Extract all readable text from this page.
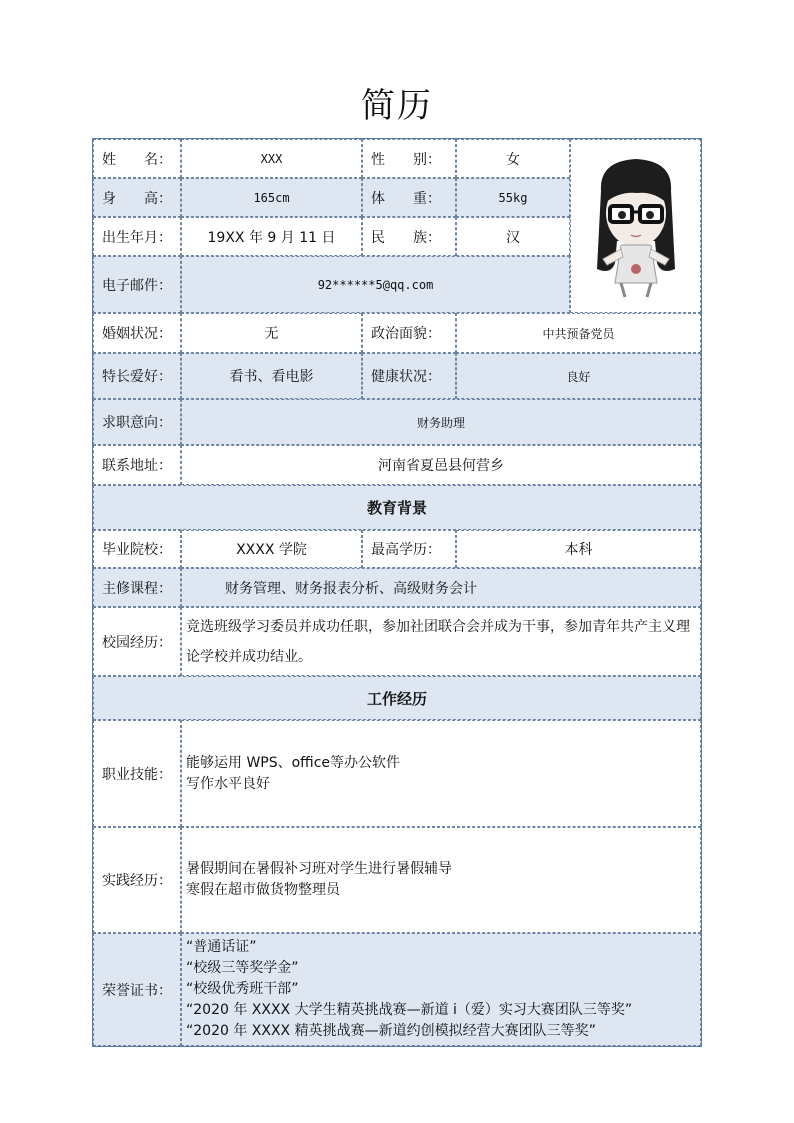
简历
姓　　名：	XXX	性　　别：	女
身　　高：	165cm	体　　重：	55kg
出生年月：	19XX 年 9 月 11 日	民　　族：	汉
电子邮件：	92******5@qq.com
婚姻状况：	无	政治面貌：	中共预备党员
特长爱好：	看书、看电影	健康状况：	良好
求职意向：	财务助理
联系地址：	河南省夏邑县何营乡
教育背景
毕业院校：	XXXX 学院	最高学历：	本科
主修课程：	财务管理、财务报表分析、高级财务会计
校园经历：
竞选班级学习委员并成功任职，参加社团联合会并成为干事，参加青年共产主义理
论学校并成功结业。
工作经历
职业技能：
能够运用 WPS、office等办公软件
写作水平良好
实践经历：
暑假期间在暑假补习班对学生进行暑假辅导
寒假在超市做货物整理员
荣誉证书：
“普通话证”
“校级三等奖学金”
“校级优秀班干部”
“2020 年 XXXX 大学生精英挑战赛—新道 i（爱）实习大赛团队三等奖”
“2020 年 XXXX 精英挑战赛—新道约创模拟经营大赛团队三等奖”
